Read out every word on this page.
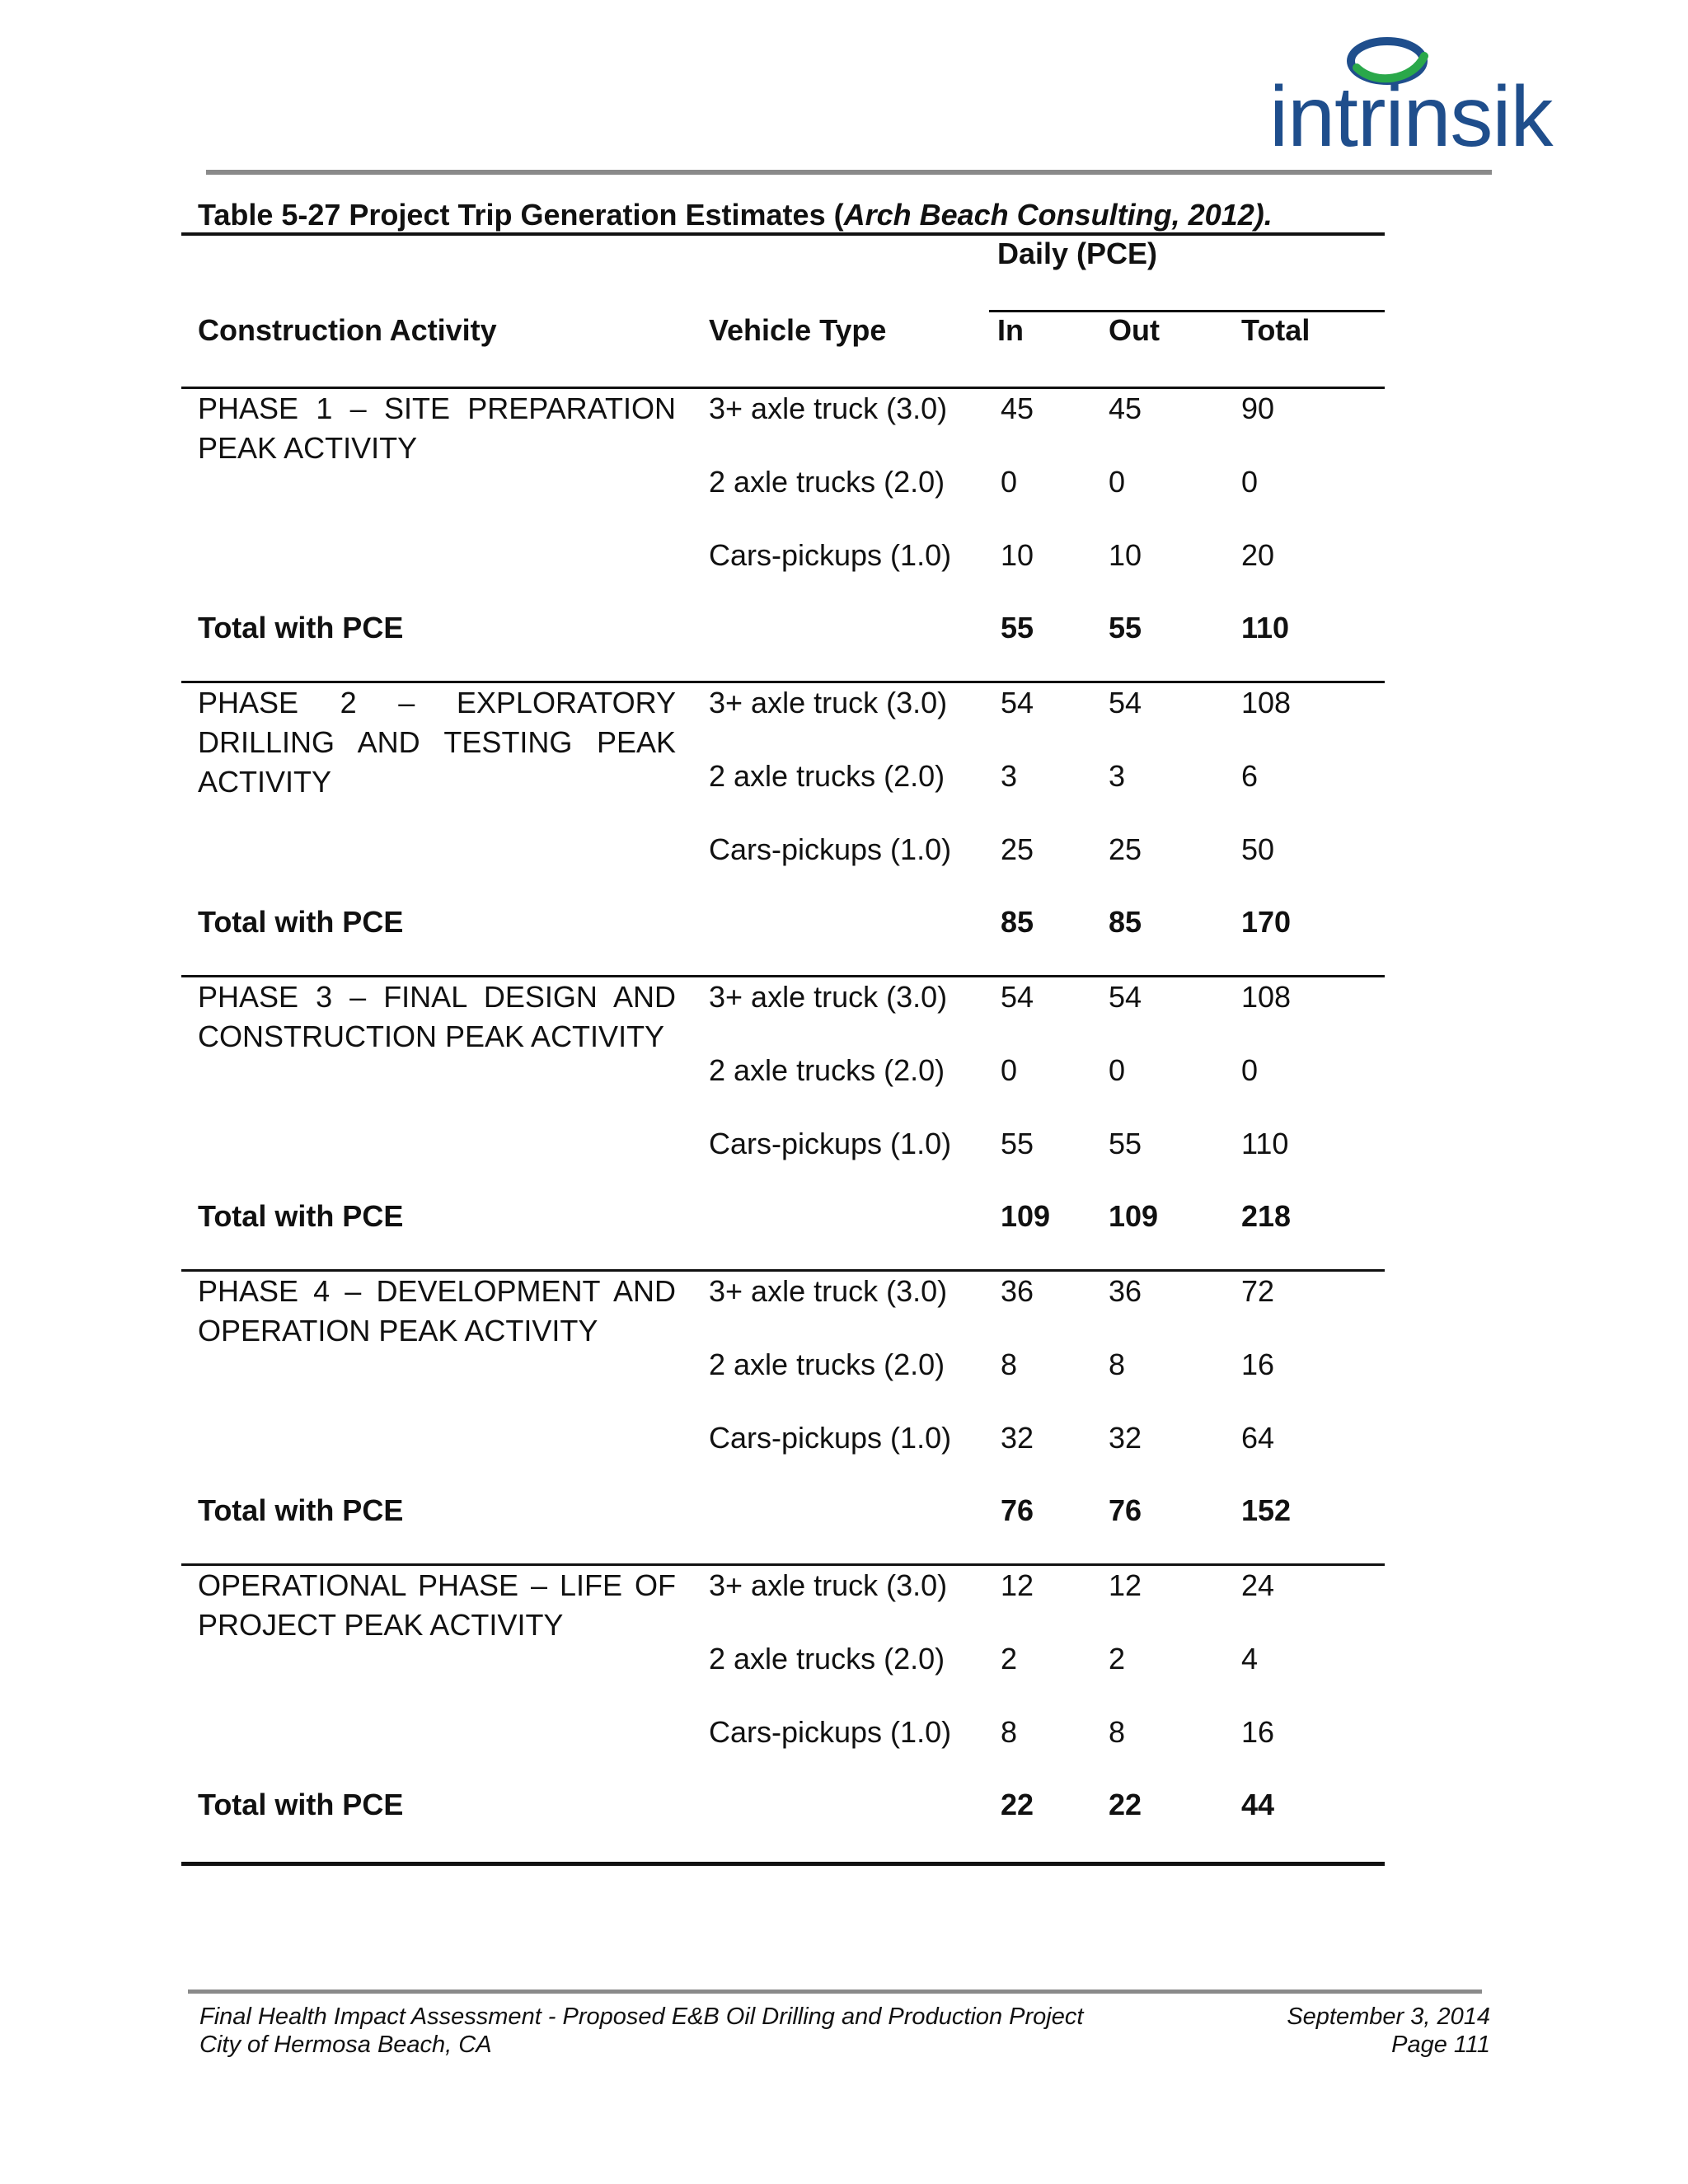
intrinsik
Table 5-27 Project Trip Generation Estimates (Arch Beach Consulting, 2012).
Daily (PCE)
Construction Activity	Vehicle Type	In	Out	Total
PHASE 1 – SITE PREPARATION PEAK ACTIVITY
3+ axle truck (3.0) 45	45	90
2 axle trucks (2.0) 0	0	0
Cars-pickups (1.0) 10	10	20
Total with PCE	55	55	110
PHASE 2 – EXPLORATORY DRILLING AND TESTING PEAK ACTIVITY
3+ axle truck (3.0) 54	54	108
2 axle trucks (2.0) 3	3	6
Cars-pickups (1.0) 25	25	50
Total with PCE	85	85	170
PHASE 3 – FINAL DESIGN AND CONSTRUCTION PEAK ACTIVITY
3+ axle truck (3.0) 54	54	108
2 axle trucks (2.0) 0	0	0
Cars-pickups (1.0) 55	55	110
Total with PCE	109 109	218
PHASE 4 – DEVELOPMENT AND OPERATION PEAK ACTIVITY
3+ axle truck (3.0) 36	36	72
2 axle trucks (2.0) 8	8	16
Cars-pickups (1.0) 32	32	64
Total with PCE	76	76	152
OPERATIONAL PHASE – LIFE OF PROJECT PEAK ACTIVITY
3+ axle truck (3.0) 12	12	24
2 axle trucks (2.0) 2	2	4
Cars-pickups (1.0) 8	8	16
Total with PCE	22	22	44
Final Health Impact Assessment - Proposed E&B Oil Drilling and Production Project
City of Hermosa Beach, CA
September 3, 2014
Page 111
